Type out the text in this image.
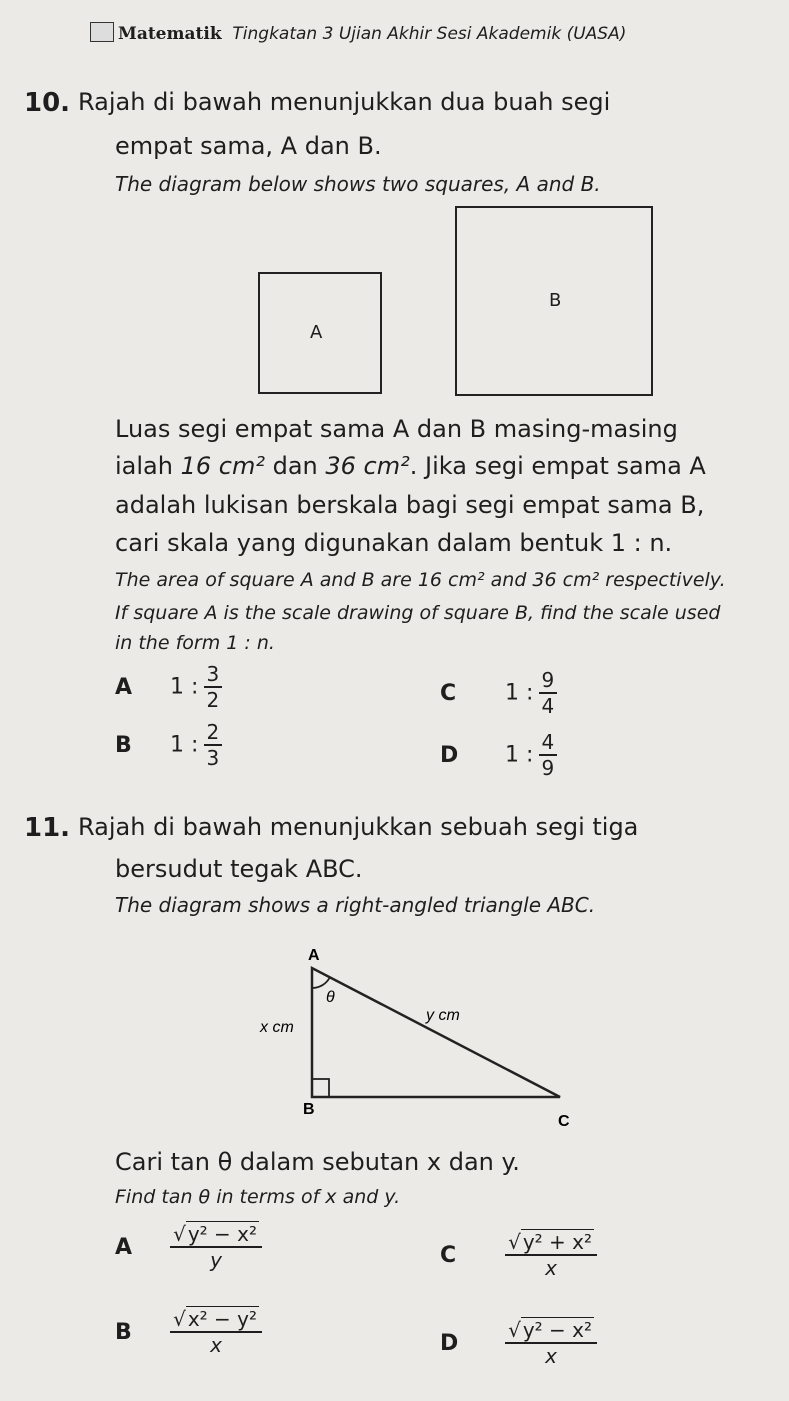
Matematik Tingkatan 3 Ujian Akhir Sesi Akademik (UASA)
10. Rajah di bawah menunjukkan dua buah segi
empat sama, A dan B.
The diagram below shows two squares, A and B.
A
B
Luas segi empat sama A dan B masing-masing
ialah 16 cm² dan 36 cm². Jika segi empat sama A
adalah lukisan berskala bagi segi empat sama B,
cari skala yang digunakan dalam bentuk 1 : n.
The area of square A and B are 16 cm² and 36 cm² respectively.
If square A is the scale drawing of square B, find the scale used
in the form 1 : n.
A 1 : $\frac{3}{2}$
B 1 : $\frac{2}{3}$
C 1 : $\frac{9}{4}$
D 1 : $\frac{4}{9}$
11. Rajah di bawah menunjukkan sebuah segi tiga
bersudut tegak ABC.
The diagram shows a right-angled triangle ABC.
A
B
C
θ
x cm
y cm
Cari tan θ dalam sebutan x dan y.
Find tan θ in terms of x and y.
A $\frac{\text{√ y² − x²}}{y}$
B $\frac{\text{√ x² − y²}}{x}$
C $\frac{\text{√ y² + x²}}{x}$
D $\frac{\text{√ y² − x²}}{x}$
